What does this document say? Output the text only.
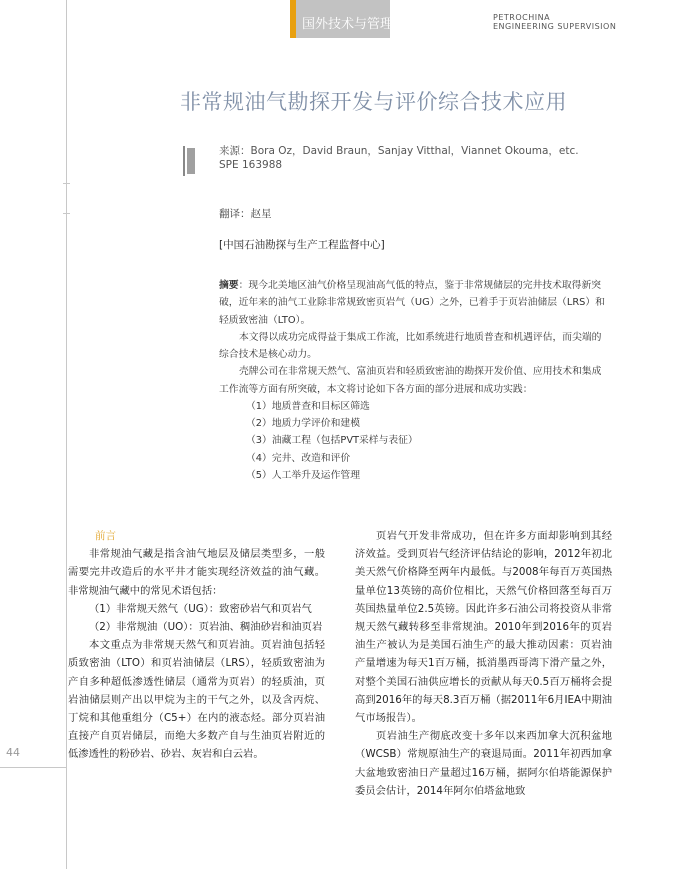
国外技术与管理	PETROCHINA
ENGINEERING SUPERVISION
非常规油气勘探开发与评价综合技术应用
来源：Bora Oz，David Braun，Sanjay Vitthal，Viannet Okouma，etc. SPE 163988
翻译：赵星
[中国石油勘探与生产工程监督中心]

摘要：现今北美地区油气价格呈现油高气低的特点，鉴于非常规储层的完井技术取得新突破，近年来的油气工业除非常规致密页岩气（UG）之外，已着手于页岩油储层（LRS）和轻质致密油（LTO）。

本文得以成功完成得益于集成工作流，比如系统进行地质普查和机遇评估，而尖端的综合技术是核心动力。

壳牌公司在非常规天然气、富油页岩和轻质致密油的勘探开发价值、应用技术和集成工作流等方面有所突破，本文将讨论如下各方面的部分进展和成功实践：

（1）地质普查和目标区筛选
（2）地质力学评价和建模
（3）油藏工程（包括PVT采样与表征）
（4）完井、改造和评价
（5）人工举升及运作管理

前言

非常规油气藏是指含油气地层及储层类型多，一般需要完井改造后的水平井才能实现经济效益的油气藏。非常规油气藏中的常见术语包括：

（1）非常规天然气（UG）：致密砂岩气和页岩气

（2）非常规油（UO）：页岩油、稠油砂岩和油页岩

本文重点为非常规天然气和页岩油。页岩油包括轻质致密油（LTO）和页岩油储层（LRS），轻质致密油为产自多种超低渗透性储层（通常为页岩）的轻质油，页岩油储层则产出以甲烷为主的干气之外，以及含丙烷、丁烷和其他重组分（C5+）在内的液态烃。部分页岩油直接产自页岩储层，而绝大多数产自与生油页岩附近的低渗透性的粉砂岩、砂岩、灰岩和白云岩。

页岩气开发非常成功，但在许多方面却影响到其经济效益。受到页岩气经济评估结论的影响，2012年初北美天然气价格降至两年内最低。与2008年每百万英国热量单位13英镑的高价位相比，天然气价格回落至每百万英国热量单位2.5英镑。因此许多石油公司将投资从非常规天然气藏转移至非常规油。2010年到2016年的页岩油生产被认为是美国石油生产的最大推动因素：页岩油产量增速为每天1百万桶，抵消墨西哥湾下滑产量之外，对整个美国石油供应增长的贡献从每天0.5百万桶将会提高到2016年的每天8.3百万桶（据2011年6月IEA中期油气市场报告）。

页岩油生产彻底改变十多年以来西加拿大沉积盆地（WCSB）常规原油生产的衰退局面。2011年初西加拿大盆地致密油日产量超过16万桶，据阿尔伯塔能源保护委员会估计，2014年阿尔伯塔盆地致

44
